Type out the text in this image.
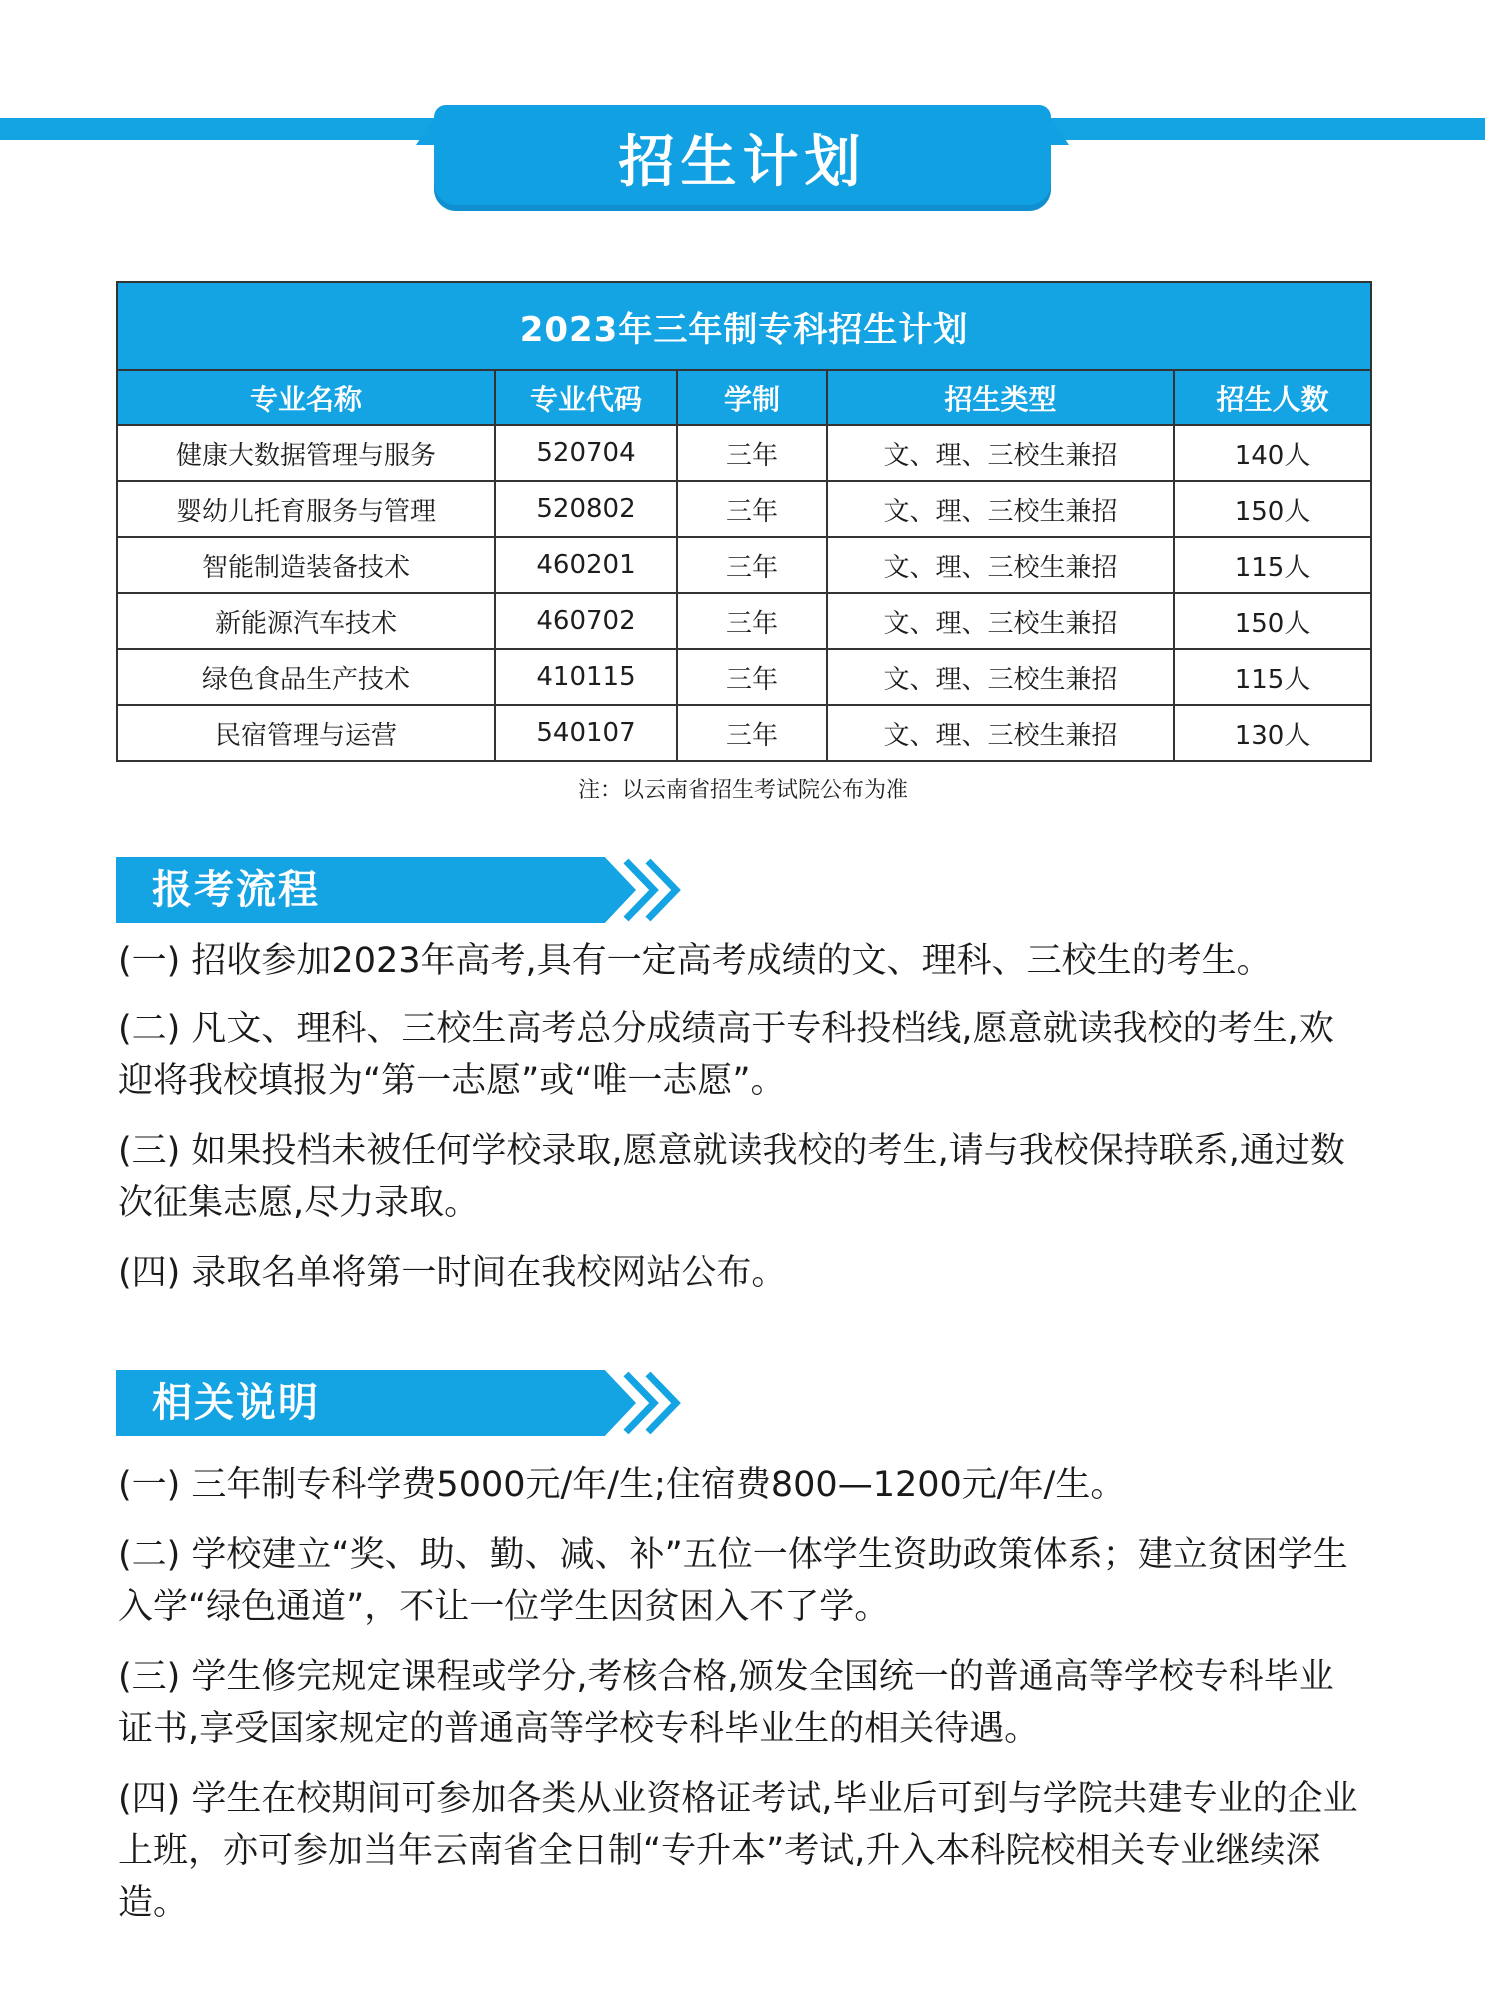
招生计划
2023年三年制专科招生计划				
专业名称	专业代码	学制	招生类型	招生人数
健康大数据管理与服务	520704	三年	文、理、三校生兼招	140人
婴幼儿托育服务与管理	520802	三年	文、理、三校生兼招	150人
智能制造装备技术	460201	三年	文、理、三校生兼招	115人
新能源汽车技术	460702	三年	文、理、三校生兼招	150人
绿色食品生产技术	410115	三年	文、理、三校生兼招	115人
民宿管理与运营	540107	三年	文、理、三校生兼招	130人
注：以云南省招生考试院公布为准
报考流程

(一) 招收参加2023年高考,具有一定高考成绩的文、理科、三校生的考生。

(二) 凡文、理科、三校生高考总分成绩高于专科投档线,愿意就读我校的考生,欢迎将我校填报为“第一志愿”或“唯一志愿”。

(三) 如果投档未被任何学校录取,愿意就读我校的考生,请与我校保持联系,通过数次征集志愿,尽力录取。

(四) 录取名单将第一时间在我校网站公布。

相关说明

(一) 三年制专科学费5000元/年/生;住宿费800—1200元/年/生。

(二) 学校建立“奖、助、勤、减、补”五位一体学生资助政策体系；建立贫困学生入学“绿色通道”，不让一位学生因贫困入不了学。

(三) 学生修完规定课程或学分,考核合格,颁发全国统一的普通高等学校专科毕业证书,享受国家规定的普通高等学校专科毕业生的相关待遇。

(四) 学生在校期间可参加各类从业资格证考试,毕业后可到与学院共建专业的企业上班，亦可参加当年云南省全日制“专升本”考试,升入本科院校相关专业继续深造。
